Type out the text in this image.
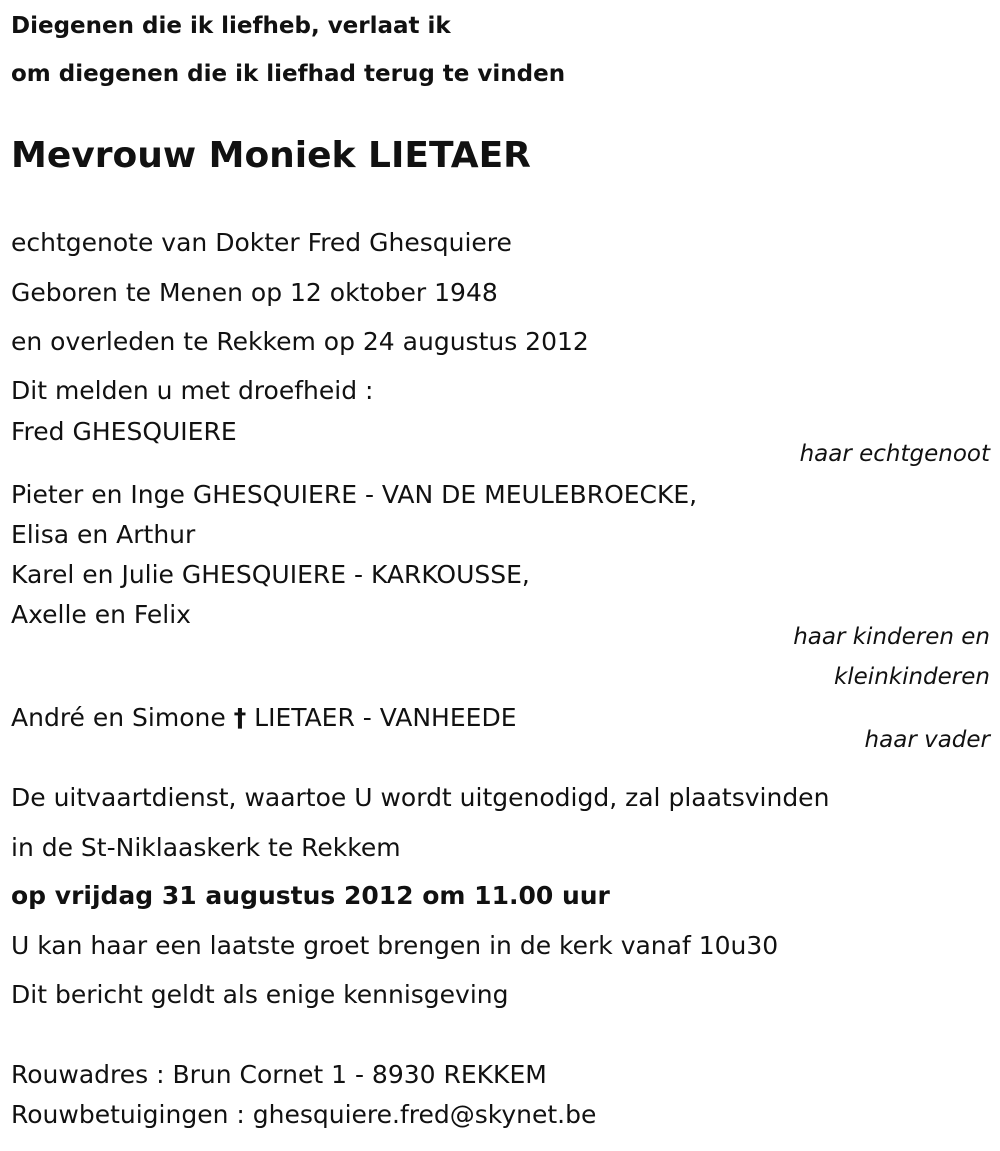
Diegenen die ik liefheb, verlaat ik
om diegenen die ik liefhad terug te vinden
Mevrouw Moniek LIETAER
echtgenote van Dokter Fred Ghesquiere
Geboren te Menen op 12 oktober 1948
en overleden te Rekkem op 24 augustus 2012
Dit melden u met droefheid :
Fred GHESQUIERE
haar echtgenoot
Pieter en Inge GHESQUIERE - VAN DE MEULEBROECKE,
Elisa en Arthur
Karel en Julie GHESQUIERE - KARKOUSSE,
Axelle en Felix
haar kinderen en
kleinkinderen
André en Simone † LIETAER - VANHEEDE
haar vader
De uitvaartdienst, waartoe U wordt uitgenodigd, zal plaatsvinden
in de St-Niklaaskerk te Rekkem
op vrijdag 31 augustus 2012 om 11.00 uur
U kan haar een laatste groet brengen in de kerk vanaf 10u30
Dit bericht geldt als enige kennisgeving
Rouwadres : Brun Cornet 1 - 8930 REKKEM
Rouwbetuigingen : ghesquiere.fred@skynet.be
